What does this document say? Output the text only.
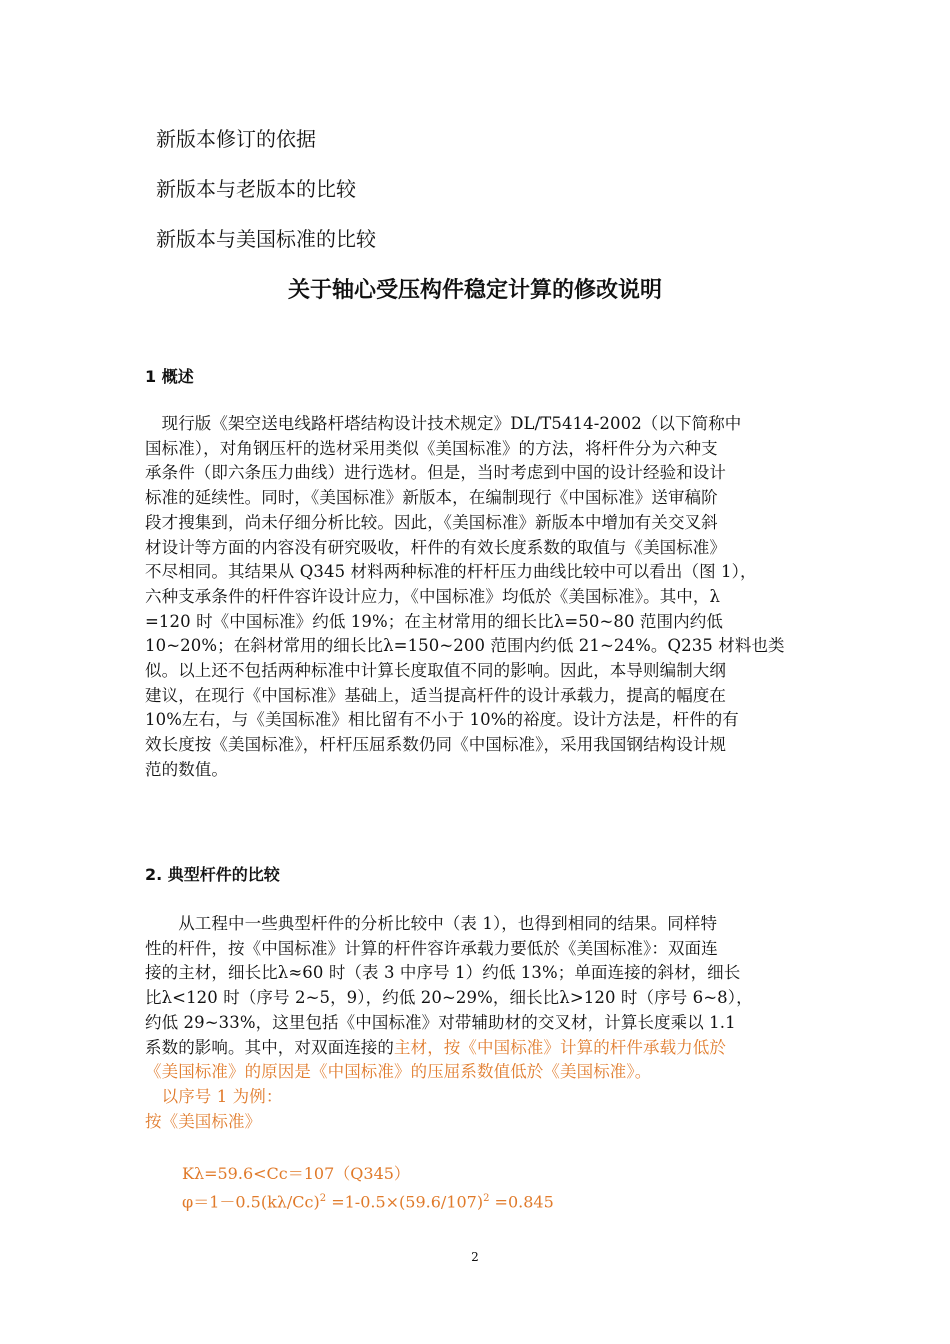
新版本修订的依据
新版本与老版本的比较
新版本与美国标准的比较
关于轴心受压构件稳定计算的修改说明
1 概述
　现行版《架空送电线路杆塔结构设计技术规定》DL/T5414-2002（以下简称中
国标准），对角钢压杆的选材采用类似《美国标准》的方法，将杆件分为六种支
承条件（即六条压力曲线）进行选材。但是，当时考虑到中国的设计经验和设计
标准的延续性。同时，《美国标准》新版本，在编制现行《中国标准》送审稿阶
段才搜集到，尚未仔细分析比较。因此，《美国标准》新版本中增加有关交叉斜
材设计等方面的内容没有研究吸收，杆件的有效长度系数的取值与《美国标准》
不尽相同。其结果从 Q345 材料两种标准的杆杆压力曲线比较中可以看出（图 1），
六种支承条件的杆件容许设计应力，《中国标准》均低於《美国标准》。其中，λ
=120 时《中国标准》约低 19%；在主材常用的细长比λ=50~80 范围内约低
10~20%；在斜材常用的细长比λ=150~200 范围内约低 21~24%。Q235 材料也类
似。以上还不包括两种标准中计算长度取值不同的影响。因此，本导则编制大纲
建议，在现行《中国标准》基础上，适当提高杆件的设计承载力，提高的幅度在
10%左右，与《美国标准》相比留有不小于 10%的裕度。设计方法是，杆件的有
效长度按《美国标准》，杆杆压屈系数仍同《中国标准》，采用我国钢结构设计规
范的数值。
2. 典型杆件的比较
　　从工程中一些典型杆件的分析比较中（表 1），也得到相同的结果。同样特
性的杆件，按《中国标准》计算的杆件容许承载力要低於《美国标准》：双面连
接的主材，细长比λ≈60 时（表 3 中序号 1）约低 13%；单面连接的斜材，细长
比λ<120 时（序号 2~5，9），约低 20~29%，细长比λ>120 时（序号 6~8），
约低 29~33%，这里包括《中国标准》对带辅助材的交叉材，计算长度乘以 1.1
系数的影响。其中，对双面连接的主材，按《中国标准》计算的杆件承载力低於
《美国标准》的原因是《中国标准》的压屈系数值低於《美国标准》。
　以序号 1 为例：
按《美国标准》
Kλ=59.6<Cc＝107（Q345）
$\varphi=1-0.5(k\lambda/Cc)^2 =1-0.5\times(59.6/107)^2 =0.845$
2
